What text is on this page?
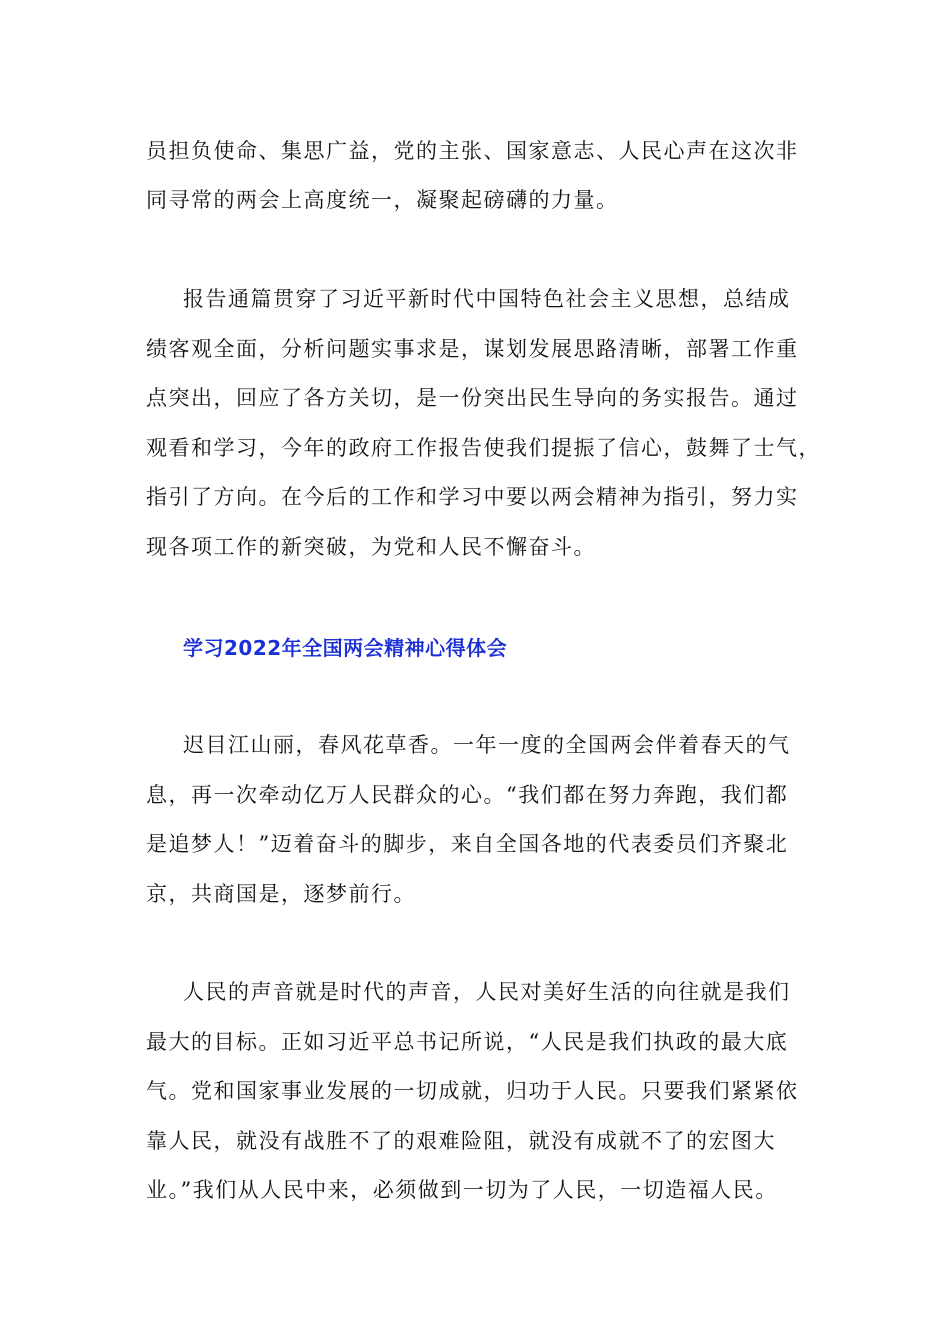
员担负使命、集思广益，党的主张、国家意志、人民心声在这次非
同寻常的两会上高度统一，凝聚起磅礴的力量。
报告通篇贯穿了习近平新时代中国特色社会主义思想，总结成
绩客观全面，分析问题实事求是，谋划发展思路清晰，部署工作重
点突出，回应了各方关切，是一份突出民生导向的务实报告。通过
观看和学习，今年的政府工作报告使我们提振了信心，鼓舞了士气，
指引了方向。在今后的工作和学习中要以两会精神为指引，努力实
现各项工作的新突破，为党和人民不懈奋斗。
学习2022年全国两会精神心得体会
迟目江山丽，春风花草香。一年一度的全国两会伴着春天的气
息，再一次牵动亿万人民群众的心。“我们都在努力奔跑，我们都
是追梦人！”迈着奋斗的脚步，来自全国各地的代表委员们齐聚北
京，共商国是，逐梦前行。
人民的声音就是时代的声音，人民对美好生活的向往就是我们
最大的目标。正如习近平总书记所说，“人民是我们执政的最大底
气。党和国家事业发展的一切成就，归功于人民。只要我们紧紧依
靠人民，就没有战胜不了的艰难险阻，就没有成就不了的宏图大
业。”我们从人民中来，必须做到一切为了人民，一切造福人民。
